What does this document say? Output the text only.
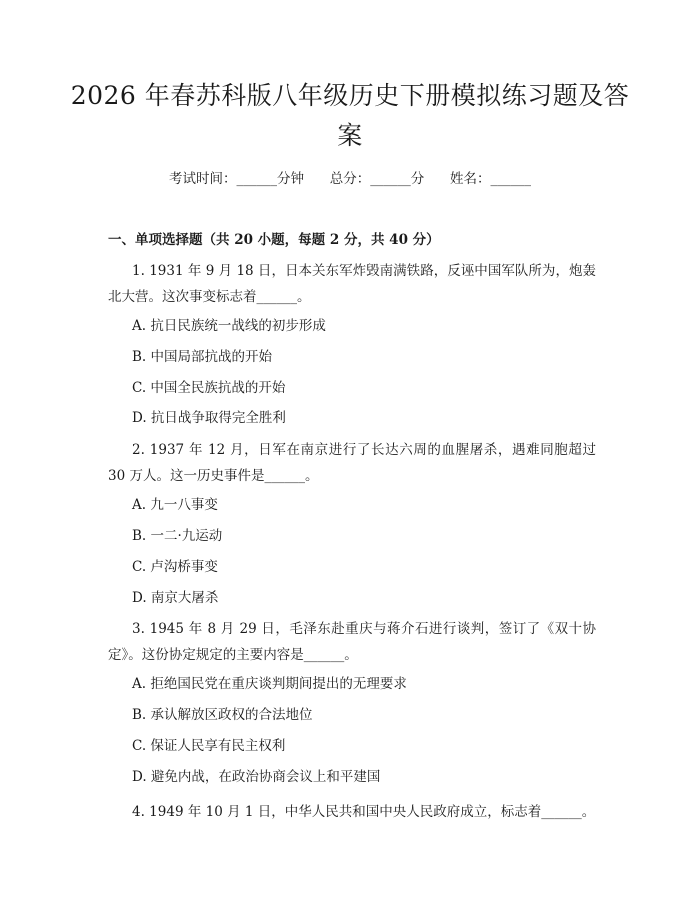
2026 年春苏科版八年级历史下册模拟练习题及答案
考试时间：______分钟 总分：______分 姓名：______
一、单项选择题（共 20 小题，每题 2 分，共 40 分）
1. 1931 年 9 月 18 日，日本关东军炸毁南满铁路，反诬中国军队所为，炮轰北大营。这次事变标志着______。
A. 抗日民族统一战线的初步形成
B. 中国局部抗战的开始
C. 中国全民族抗战的开始
D. 抗日战争取得完全胜利
2. 1937 年 12 月，日军在南京进行了长达六周的血腥屠杀，遇难同胞超过 30 万人。这一历史事件是______。
A. 九一八事变
B. 一二·九运动
C. 卢沟桥事变
D. 南京大屠杀
3. 1945 年 8 月 29 日，毛泽东赴重庆与蒋介石进行谈判，签订了《双十协定》。这份协定规定的主要内容是______。
A. 拒绝国民党在重庆谈判期间提出的无理要求
B. 承认解放区政权的合法地位
C. 保证人民享有民主权利
D. 避免内战，在政治协商会议上和平建国
4. 1949 年 10 月 1 日，中华人民共和国中央人民政府成立，标志着______。
